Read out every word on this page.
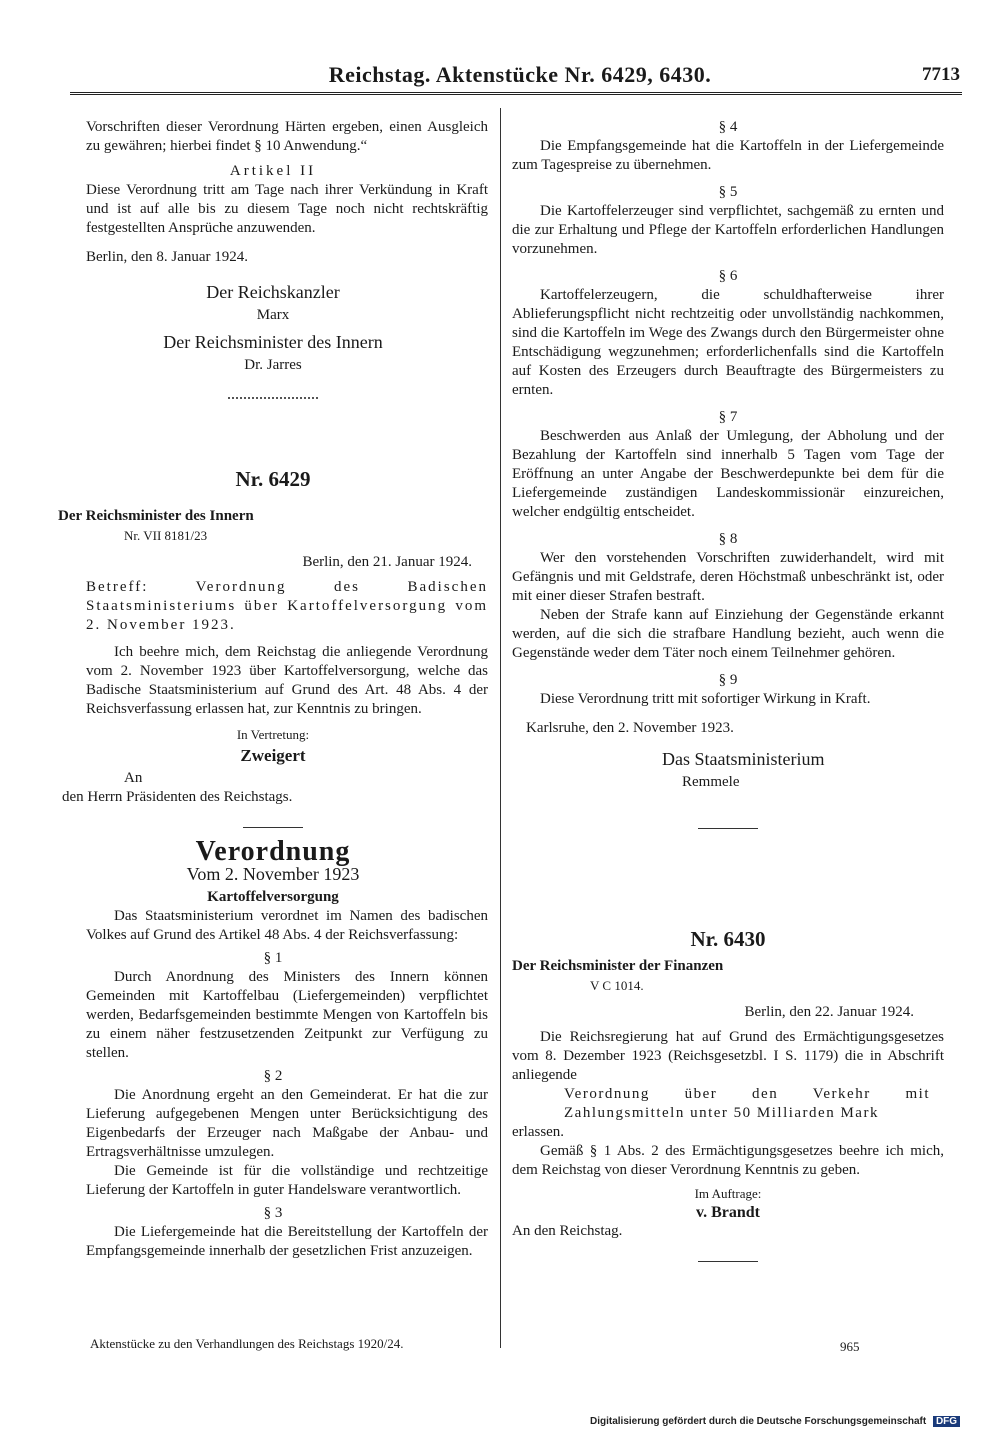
Reichstag. Aktenstücke Nr. 6429, 6430.	7713

Vorschriften dieser Verordnung Härten ergeben, einen Ausgleich zu gewähren; hierbei findet § 10 Anwendung.“

Artikel II

Diese Verordnung tritt am Tage nach ihrer Verkündung in Kraft und ist auf alle bis zu diesem Tage noch nicht rechtskräftig festgestellten Ansprüche anzuwenden.

Berlin, den 8. Januar 1924.

Der Reichskanzler

Marx

Der Reichsminister des Innern

Dr. Jarres

Nr. 6429

Der Reichsminister des Innern

Nr. VII 8181/23

Berlin, den 21. Januar 1924.

Betreff: Verordnung des Badischen Staatsministeriums über Kartoffelversorgung vom 2. November 1923.

Ich beehre mich, dem Reichstag die anliegende Verordnung vom 2. November 1923 über Kartoffelversorgung, welche das Badische Staatsministerium auf Grund des Art. 48 Abs. 4 der Reichsverfassung erlassen hat, zur Kenntnis zu bringen.

In Vertretung:

Zweigert

An

den Herrn Präsidenten des Reichstags.

Verordnung

Vom 2. November 1923

Kartoffelversorgung

Das Staatsministerium verordnet im Namen des badischen Volkes auf Grund des Artikel 48 Abs. 4 der Reichsverfassung:

§ 1

Durch Anordnung des Ministers des Innern können Gemeinden mit Kartoffelbau (Liefergemeinden) verpflichtet werden, Bedarfsgemeinden bestimmte Mengen von Kartoffeln bis zu einem näher festzusetzenden Zeitpunkt zur Verfügung zu stellen.

§ 2

Die Anordnung ergeht an den Gemeinderat. Er hat die zur Lieferung aufgegebenen Mengen unter Berücksichtigung des Eigenbedarfs der Erzeuger nach Maßgabe der Anbau- und Ertragsverhältnisse umzulegen.

Die Gemeinde ist für die vollständige und rechtzeitige Lieferung der Kartoffeln in guter Handelsware verantwortlich.

§ 3

Die Liefergemeinde hat die Bereitstellung der Kartoffeln der Empfangsgemeinde innerhalb der gesetzlichen Frist anzuzeigen.

Aktenstücke zu den Verhandlungen des Reichstags 1920/24.

§ 4

Die Empfangsgemeinde hat die Kartoffeln in der Liefergemeinde zum Tagespreise zu übernehmen.

§ 5

Die Kartoffelerzeuger sind verpflichtet, sachgemäß zu ernten und die zur Erhaltung und Pflege der Kartoffeln erforderlichen Handlungen vorzunehmen.

§ 6

Kartoffelerzeugern, die schuldhafterweise ihrer Ablieferungspflicht nicht rechtzeitig oder unvollständig nachkommen, sind die Kartoffeln im Wege des Zwangs durch den Bürgermeister ohne Entschädigung wegzunehmen; erforderlichenfalls sind die Kartoffeln auf Kosten des Erzeugers durch Beauftragte des Bürgermeisters zu ernten.

§ 7

Beschwerden aus Anlaß der Umlegung, der Abholung und der Bezahlung der Kartoffeln sind innerhalb 5 Tagen vom Tage der Eröffnung an unter Angabe der Beschwerdepunkte bei dem für die Liefergemeinde zuständigen Landeskommissionär einzureichen, welcher endgültig entscheidet.

§ 8

Wer den vorstehenden Vorschriften zuwiderhandelt, wird mit Gefängnis und mit Geldstrafe, deren Höchstmaß unbeschränkt ist, oder mit einer dieser Strafen bestraft.

Neben der Strafe kann auf Einziehung der Gegenstände erkannt werden, auf die sich die strafbare Handlung bezieht, auch wenn die Gegenstände weder dem Täter noch einem Teilnehmer gehören.

§ 9

Diese Verordnung tritt mit sofortiger Wirkung in Kraft.

Karlsruhe, den 2. November 1923.

Das Staatsministerium

Remmele

Nr. 6430

Der Reichsminister der Finanzen

V C 1014.

Berlin, den 22. Januar 1924.

Die Reichsregierung hat auf Grund des Ermächtigungsgesetzes vom 8. Dezember 1923 (Reichsgesetzbl. I S. 1179) die in Abschrift anliegende

Verordnung über den Verkehr mit Zahlungsmitteln unter 50 Milliarden Mark

erlassen.

Gemäß § 1 Abs. 2 des Ermächtigungsgesetzes beehre ich mich, dem Reichstag von dieser Verordnung Kenntnis zu geben.

Im Auftrage:

v. Brandt

An den Reichstag.

965
Digitalisierung gefördert durch die Deutsche Forschungsgemeinschaft DFG
